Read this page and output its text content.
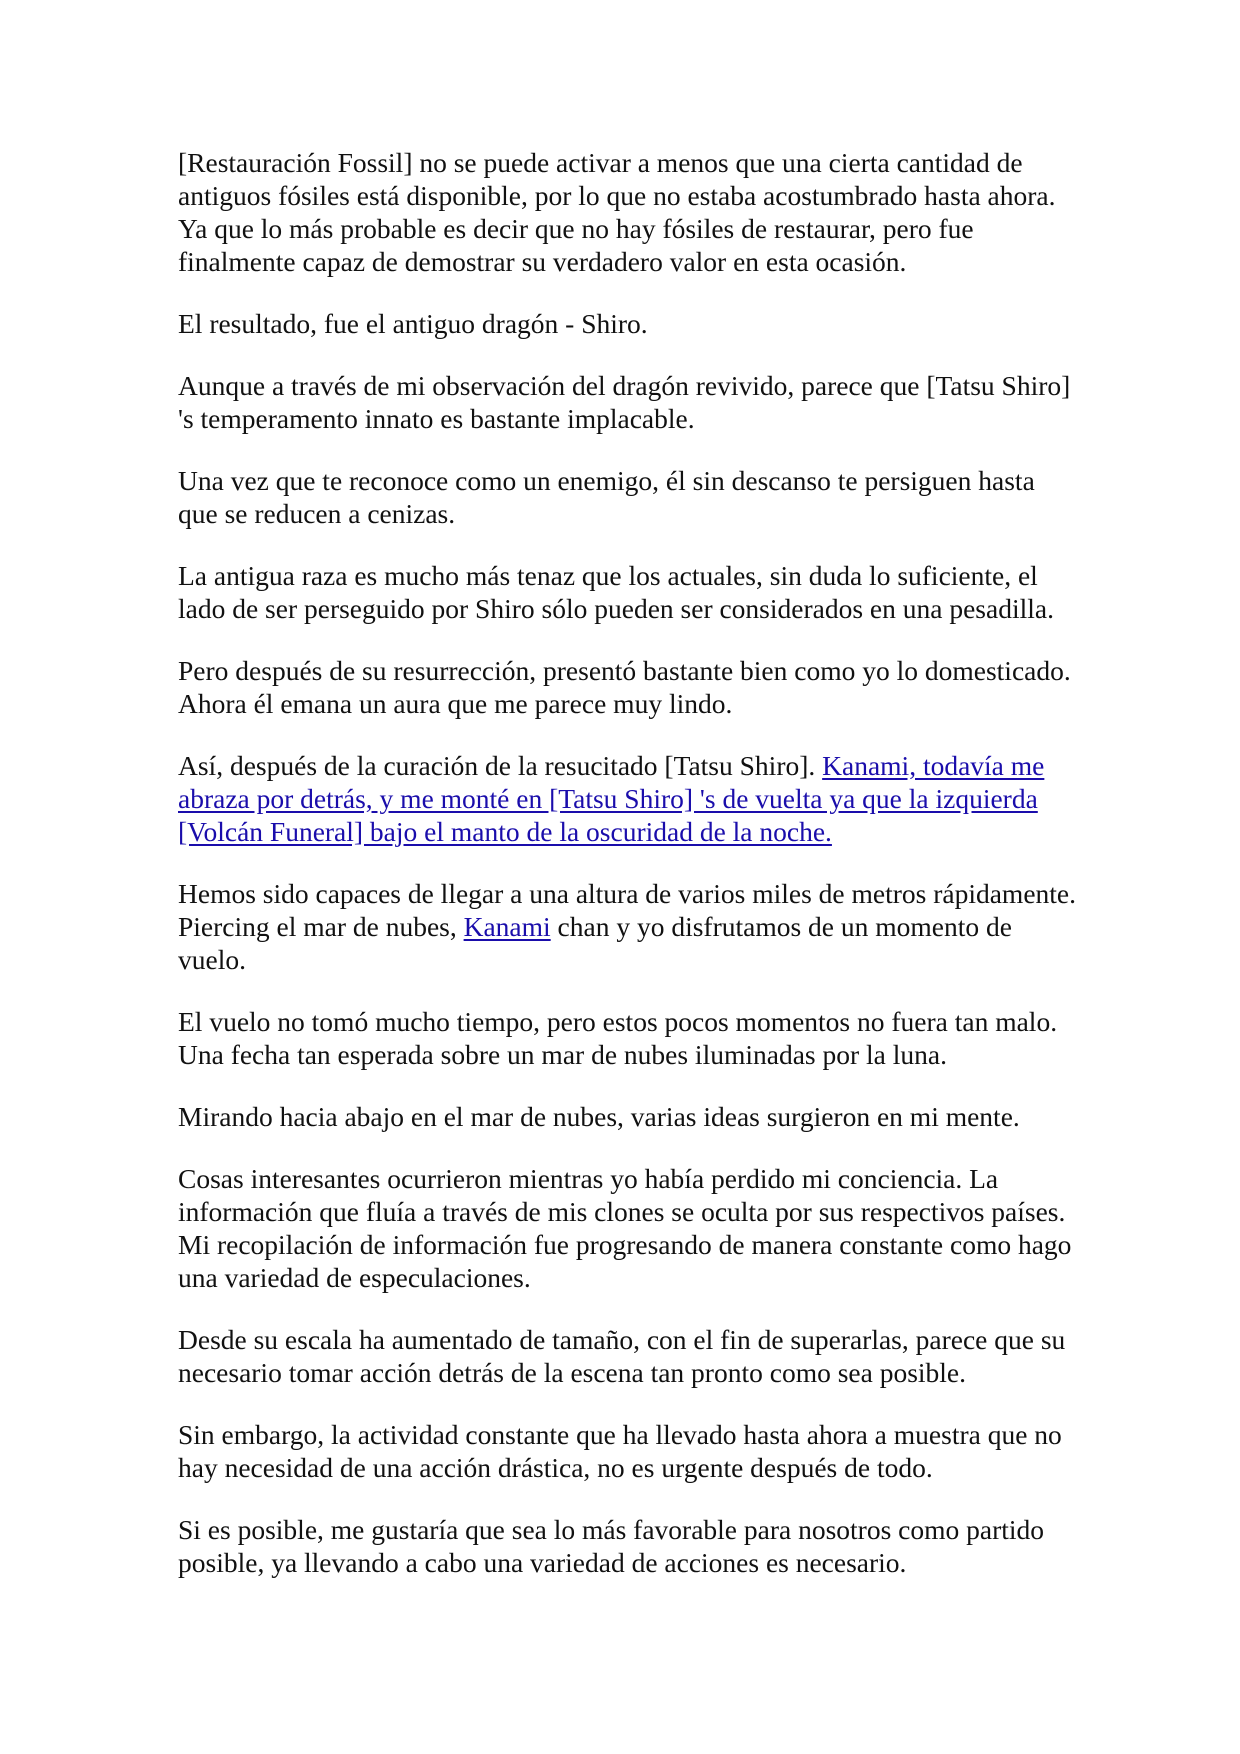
[Restauración Fossil] no se puede activar a menos que una cierta cantidad de antiguos fósiles está disponible, por lo que no estaba acostumbrado hasta ahora. Ya que lo más probable es decir que no hay fósiles de restaurar, pero fue finalmente capaz de demostrar su verdadero valor en esta ocasión.

El resultado, fue el antiguo dragón - Shiro.

Aunque a través de mi observación del dragón revivido, parece que [Tatsu Shiro] 's temperamento innato es bastante implacable.

Una vez que te reconoce como un enemigo, él sin descanso te persiguen hasta que se reducen a cenizas.

La antigua raza es mucho más tenaz que los actuales, sin duda lo suficiente, el lado de ser perseguido por Shiro sólo pueden ser considerados en una pesadilla.

Pero después de su resurrección, presentó bastante bien como yo lo domesticado. Ahora él emana un aura que me parece muy lindo.

Así, después de la curación de la resucitado [Tatsu Shiro]. Kanami, todavía me abraza por detrás, y me monté en [Tatsu Shiro] 's de vuelta ya que la izquierda [Volcán Funeral] bajo el manto de la oscuridad de la noche.

Hemos sido capaces de llegar a una altura de varios miles de metros rápidamente. Piercing el mar de nubes, Kanami chan y yo disfrutamos de un momento de vuelo.

El vuelo no tomó mucho tiempo, pero estos pocos momentos no fuera tan malo. Una fecha tan esperada sobre un mar de nubes iluminadas por la luna.

Mirando hacia abajo en el mar de nubes, varias ideas surgieron en mi mente.

Cosas interesantes ocurrieron mientras yo había perdido mi conciencia. La información que fluía a través de mis clones se oculta por sus respectivos países. Mi recopilación de información fue progresando de manera constante como hago una variedad de especulaciones.

Desde su escala ha aumentado de tamaño, con el fin de superarlas, parece que su necesario tomar acción detrás de la escena tan pronto como sea posible.

Sin embargo, la actividad constante que ha llevado hasta ahora a muestra que no hay necesidad de una acción drástica, no es urgente después de todo.

Si es posible, me gustaría que sea lo más favorable para nosotros como partido posible, ya llevando a cabo una variedad de acciones es necesario.
